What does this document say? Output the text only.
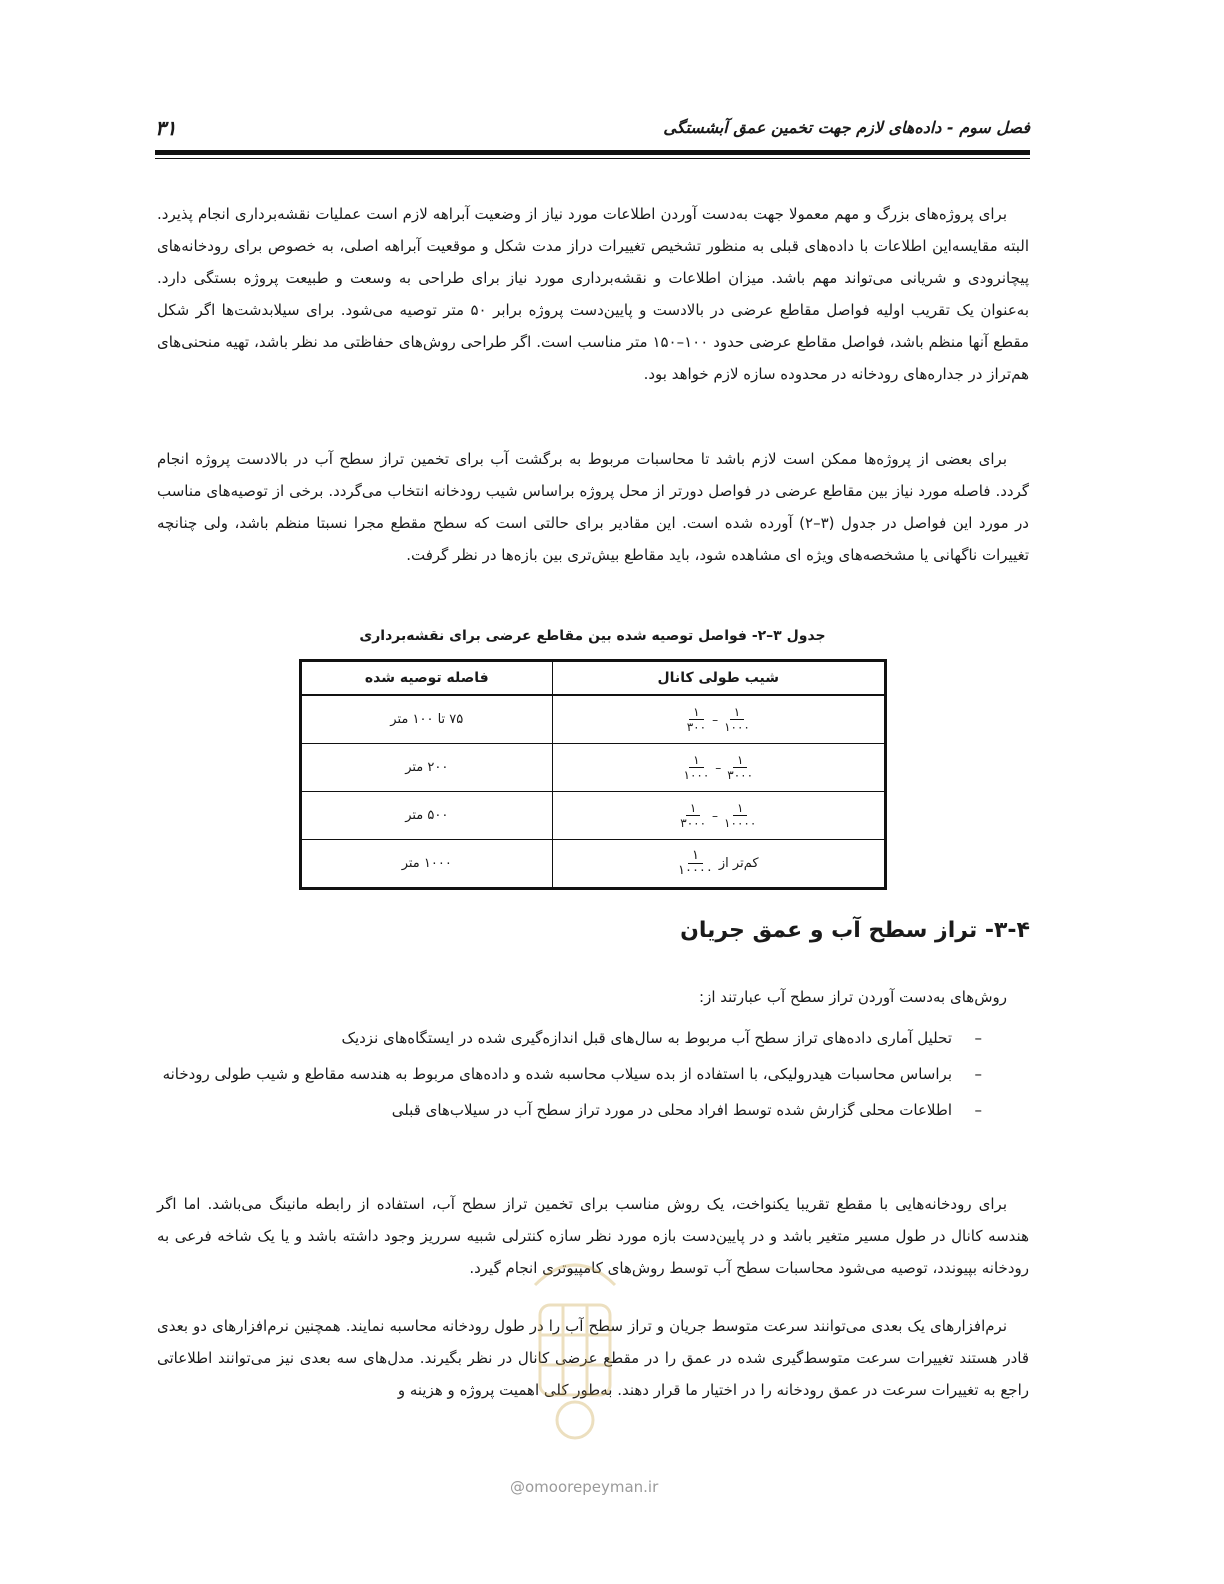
فصل سوم - داده‌های لازم جهت تخمین عمق آبشستگی
۳۱

برای پروژه‌های بزرگ و مهم معمولا جهت به‌دست آوردن اطلاعات مورد نیاز از وضعیت آبراهه لازم است عملیات نقشه‌برداری انجام پذیرد. البته مقایسه‌این اطلاعات با داده‌های قبلی به منظور تشخیص تغییرات دراز مدت شکل و موقعیت آبراهه اصلی، به خصوص برای رودخانه‌های پیچانرودی و شریانی می‌تواند مهم باشد. میزان اطلاعات و نقشه‌برداری مورد نیاز برای طراحی به وسعت و طبیعت پروژه بستگی دارد. به‌عنوان یک تقریب اولیه فواصل مقاطع عرضی در بالادست و پایین‌دست پروژه برابر ۵۰ متر توصیه می‌شود. برای سیلابدشت‌ها اگر شکل مقطع آنها منظم باشد، فواصل مقاطع عرضی حدود ۱۰۰–۱۵۰ متر مناسب است. اگر طراحی روش‌های حفاظتی مد نظر باشد، تهیه منحنی‌های هم‌تراز در جداره‌های رودخانه در محدوده سازه لازم خواهد بود.

برای بعضی از پروژه‌ها ممکن است لازم باشد تا محاسبات مربوط به برگشت آب برای تخمین تراز سطح آب در بالادست پروژه انجام گردد. فاصله مورد نیاز بین مقاطع عرضی در فواصل دورتر از محل پروژه براساس شیب رودخانه انتخاب می‌گردد. برخی از توصیه‌های مناسب در مورد این فواصل در جدول (۳–۲) آورده شده است. این مقادیر برای حالتی است که سطح مقطع مجرا نسبتا منظم باشد، ولی چنانچه تغییرات ناگهانی یا مشخصه‌های ویژه ای مشاهده شود، باید مقاطع بیش‌تری بین بازه‌ها در نظر گرفت.

جدول ۳–۲- فواصل توصیه شده بین مقاطع عرضی برای نقشه‌برداری
شیب طولی کانال	فاصله توصیه شده

$\frac{۱}{۳۰۰} - \frac{۱}{۱۰۰۰}$	۷۵ تا ۱۰۰ متر

$\frac{۱}{۱۰۰۰} - \frac{۱}{۳۰۰۰}$	۲۰۰ متر

$\frac{۱}{۳۰۰۰} - \frac{۱}{۱۰۰۰۰}$	۵۰۰ متر

کم‌تر از
$\frac{۱}{۱۰۰۰۰}$	۱۰۰۰ متر
۳-۴- تراز سطح آب و عمق جریان

روش‌های به‌دست آوردن تراز سطح آب عبارتند از:

–
تحلیل آماری داده‌های تراز سطح آب مربوط به سال‌های قبل اندازه‌گیری شده در ایستگاه‌های نزدیک
–
براساس محاسبات هیدرولیکی، با استفاده از بده سیلاب محاسبه شده و داده‌های مربوط به هندسه مقاطع و شیب طولی رودخانه
–
اطلاعات محلی گزارش شده توسط افراد محلی در مورد تراز سطح آب در سیلاب‌های قبلی

برای رودخانه‌هایی با مقطع تقریبا یکنواخت، یک روش مناسب برای تخمین تراز سطح آب، استفاده از رابطه مانینگ می‌باشد. اما اگر هندسه کانال در طول مسیر متغیر باشد و در پایین‌دست بازه مورد نظر سازه کنترلی شبیه سرریز وجود داشته باشد و یا یک شاخه فرعی به رودخانه بپیوندد، توصیه می‌شود محاسبات سطح آب توسط روش‌های کامپیوتری انجام گیرد.

نرم‌افزارهای یک بعدی می‌توانند سرعت متوسط جریان و تراز سطح آب را در طول رودخانه محاسبه نمایند. همچنین نرم‌افزارهای دو بعدی قادر هستند تغییرات سرعت متوسط‌گیری شده در عمق را در مقطع عرضی کانال در نظر بگیرند. مدل‌های سه بعدی نیز می‌توانند اطلاعاتی راجع به تغییرات سرعت در عمق رودخانه را در اختیار ما قرار دهند. به‌طور کلی اهمیت پروژه و هزینه و

@omoorepeyman.ir
